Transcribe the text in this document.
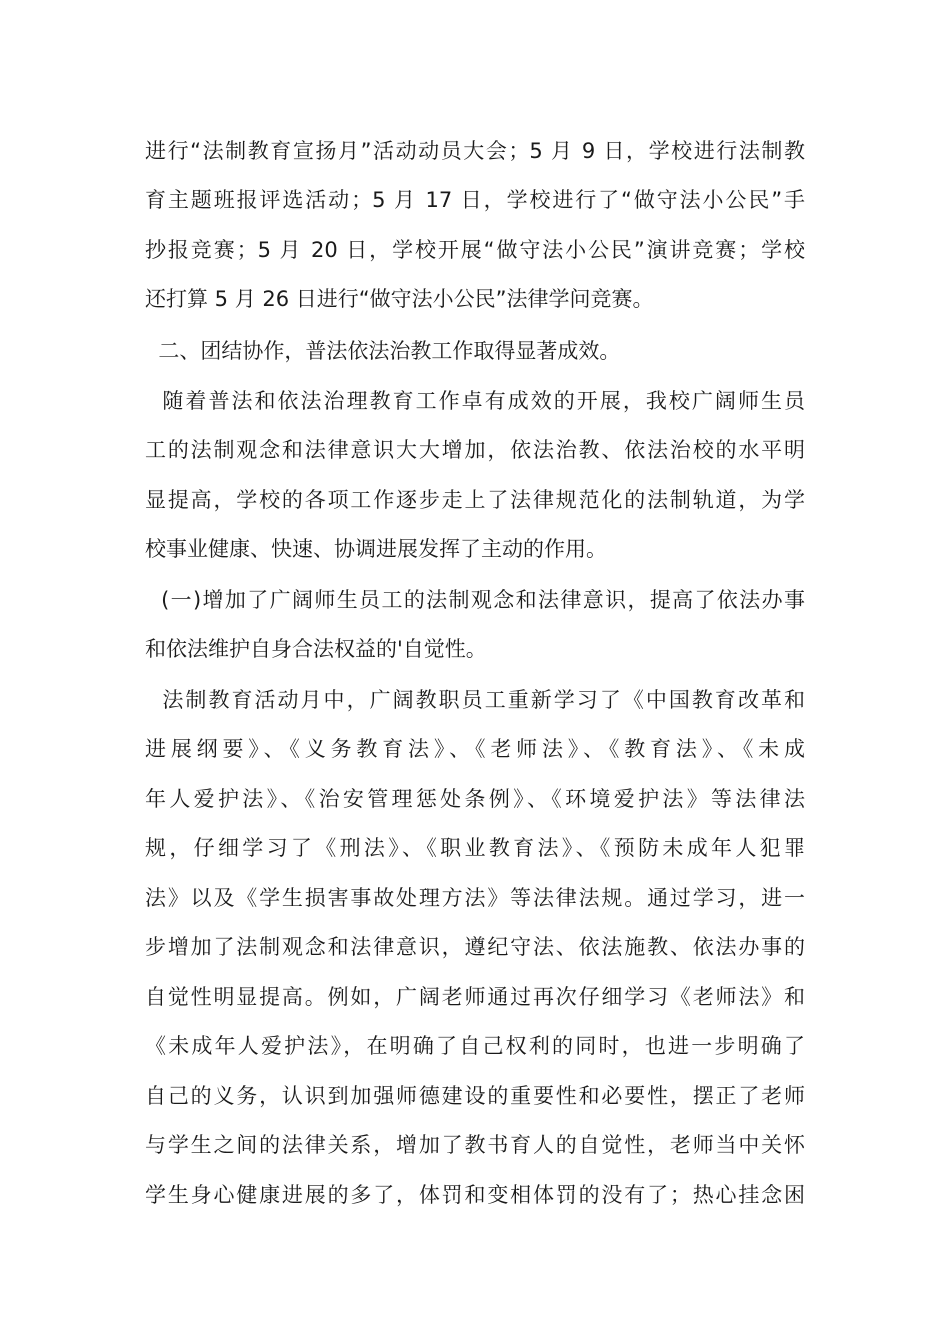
进行“法制教育宣扬月”活动动员大会；5 月 9 日，学校进行法制教

育主题班报评选活动；5 月 17 日，学校进行了“做守法小公民”手

抄报竞赛；5 月 20 日，学校开展“做守法小公民”演讲竞赛；学校

还打算 5 月 26 日进行“做守法小公民”法律学问竞赛。

二、团结协作，普法依法治教工作取得显著成效。

随着普法和依法治理教育工作卓有成效的开展，我校广阔师生员

工的法制观念和法律意识大大增加，依法治教、依法治校的水平明

显提高，学校的各项工作逐步走上了法律规范化的法制轨道，为学

校事业健康、快速、协调进展发挥了主动的作用。

(一)增加了广阔师生员工的法制观念和法律意识，提高了依法办事

和依法维护自身合法权益的'自觉性。

法制教育活动月中，广阔教职员工重新学习了《中国教育改革和

进展纲要》、《义务教育法》、《老师法》、《教育法》、《未成

年人爱护法》、《治安管理惩处条例》、《环境爱护法》等法律法

规，仔细学习了《刑法》、《职业教育法》、《预防未成年人犯罪

法》以及《学生损害事故处理方法》等法律法规。通过学习，进一

步增加了法制观念和法律意识，遵纪守法、依法施教、依法办事的

自觉性明显提高。例如，广阔老师通过再次仔细学习《老师法》和

《未成年人爱护法》，在明确了自己权利的同时，也进一步明确了

自己的义务，认识到加强师德建设的重要性和必要性，摆正了老师

与学生之间的法律关系，增加了教书育人的自觉性，老师当中关怀

学生身心健康进展的多了，体罚和变相体罚的没有了；热心挂念困
